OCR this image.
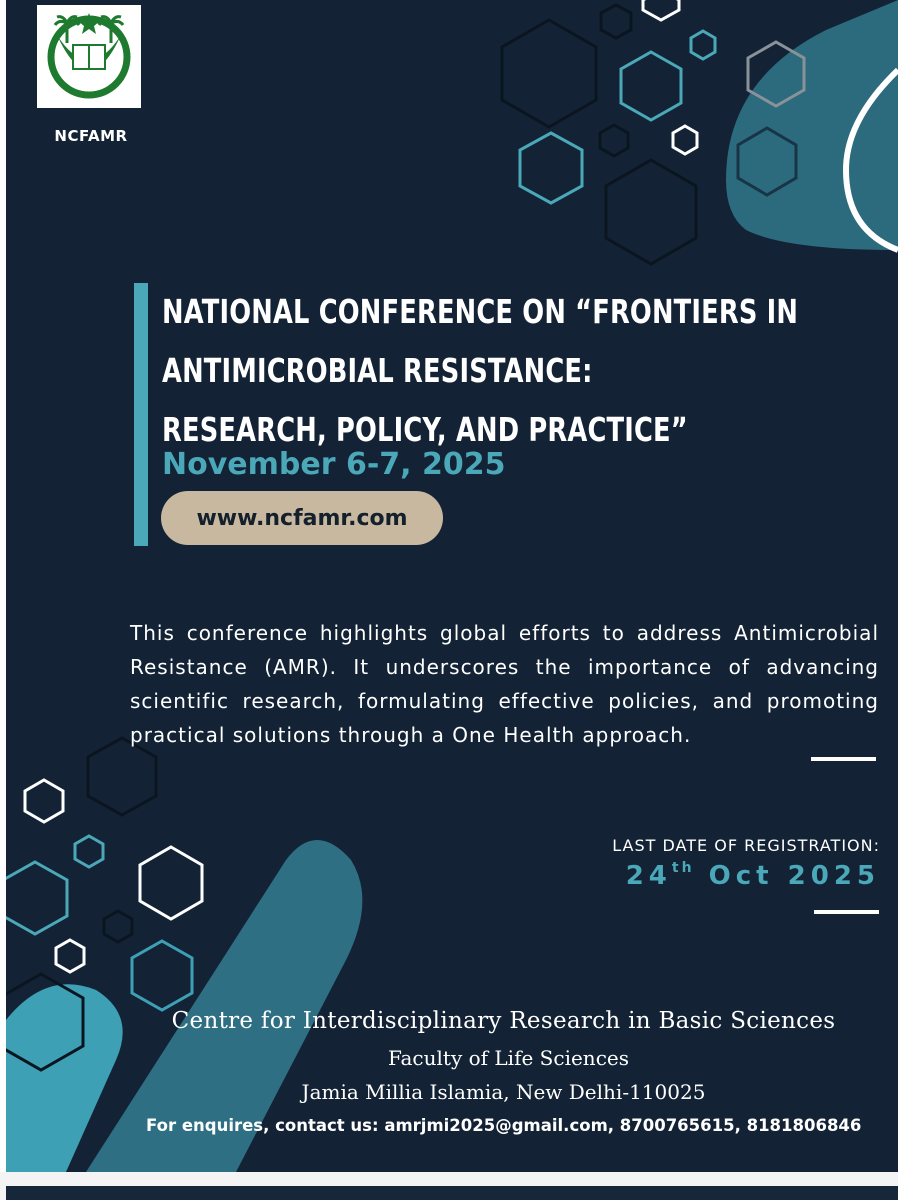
NCFAMR
NATIONAL CONFERENCE ON “FRONTIERS IN
ANTIMICROBIAL RESISTANCE:
RESEARCH, POLICY, AND PRACTICE”
November 6-7, 2025
www.ncfamr.com
This conference highlights global efforts to address Antimicrobial Resistance (AMR). It underscores the importance of advancing scientific research, formulating effective policies, and promoting practical solutions through a One Health approach.
LAST DATE OF REGISTRATION:
24th Oct 2025
Centre for Interdisciplinary Research in Basic Sciences
Faculty of Life Sciences
Jamia Millia Islamia, New Delhi-110025
For enquires, contact us: amrjmi2025@gmail.com, 8700765615, 8181806846
